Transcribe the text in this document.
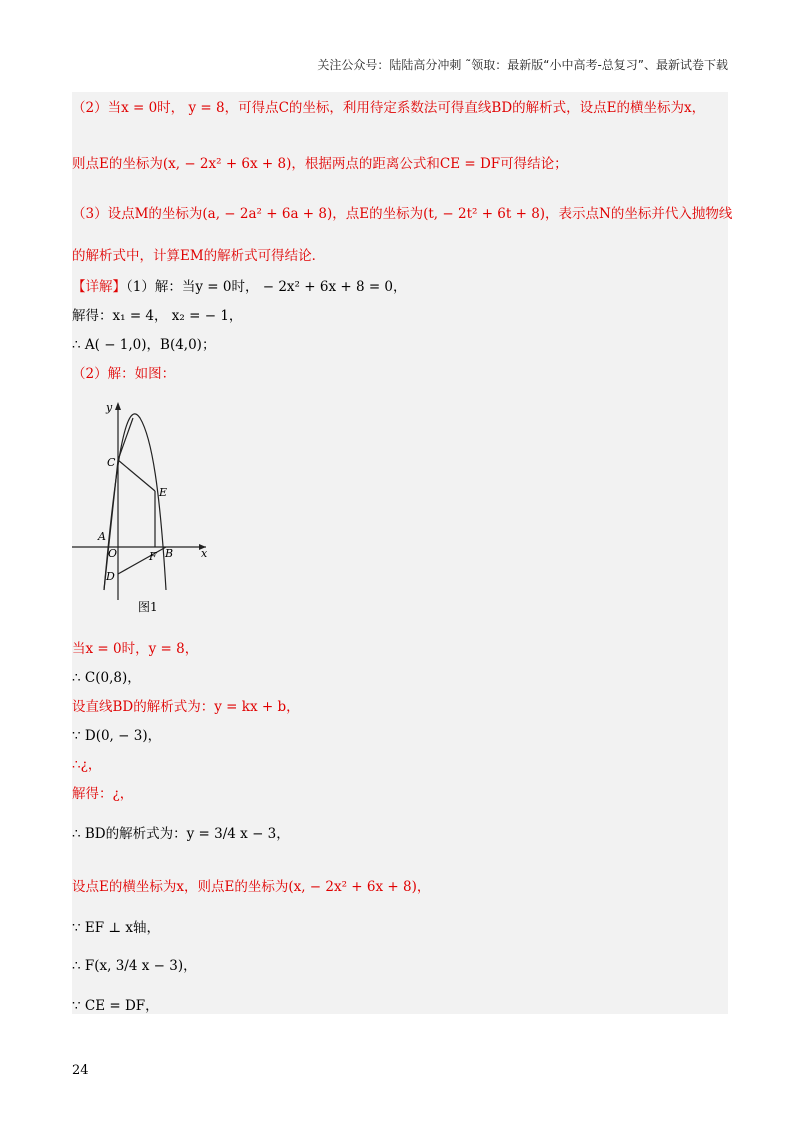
关注公众号：陆陆高分冲刺 ˜领取：最新版“小中高考-总复习”、最新试卷下载
（2）当x = 0时， y = 8，可得点C的坐标，利用待定系数法可得直线BD的解析式，设点E的横坐标为x，
则点E的坐标为(x, − 2x² + 6x + 8)，根据两点的距离公式和CE = DF可得结论；
（3）设点M的坐标为(a, − 2a² + 6a + 8)，点E的坐标为(t, − 2t² + 6t + 8)，表示点N的坐标并代入抛物线
的解析式中，计算EM的解析式可得结论．
【详解】（1）解：当y = 0时， − 2x² + 6x + 8 = 0，
解得：x₁ = 4， x₂ = − 1，
∴ A( − 1,0)，B(4,0)；
（2）解：如图：
y
x
C
E
A
O	F B
D
图1
当x = 0时，y = 8，
∴ C(0,8)，
设直线BD的解析式为：y = kx + b，
∵ D(0, − 3)，
∴¿，
解得：¿，
∴ BD的解析式为：y = 3/4 x − 3，
设点E的横坐标为x，则点E的坐标为(x, − 2x² + 6x + 8)，
∵ EF ⊥ x轴，
∴ F(x, 3/4 x − 3)，
∵ CE = DF，
24
